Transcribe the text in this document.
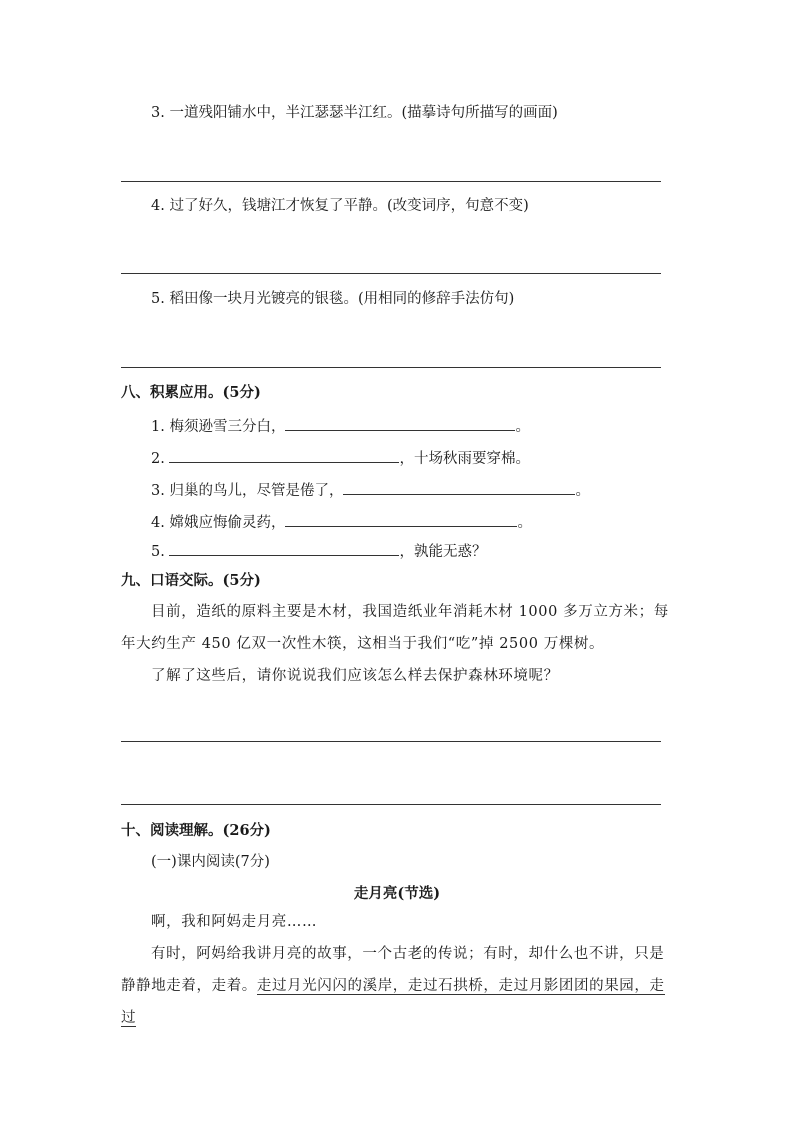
3. 一道残阳铺水中，半江瑟瑟半江红。(描摹诗句所描写的画面)
4. 过了好久，钱塘江才恢复了平静。(改变词序，句意不变)
5. 稻田像一块月光镀亮的银毯。(用相同的修辞手法仿句)
八、积累应用。(5分)
1. 梅须逊雪三分白，	。
2.	，十场秋雨要穿棉。
3. 归巢的鸟儿，尽管是倦了，	。
4. 嫦娥应悔偷灵药，	。
5.	，孰能无惑？
九、口语交际。(5分)
目前，造纸的原料主要是木材，我国造纸业年消耗木材 1000 多万立方米；每年大约生产 450 亿双一次性木筷，这相当于我们“吃”掉 2500 万棵树。
了解了这些后，请你说说我们应该怎么样去保护森林环境呢？
十、阅读理解。(26分)
(一)课内阅读(7分)
走月亮(节选)
啊，我和阿妈走月亮……
有时，阿妈给我讲月亮的故事，一个古老的传说；有时，却什么也不讲，只是静静地走着，走着。走过月光闪闪的溪岸，走过石拱桥，走过月影团团的果园，走过
